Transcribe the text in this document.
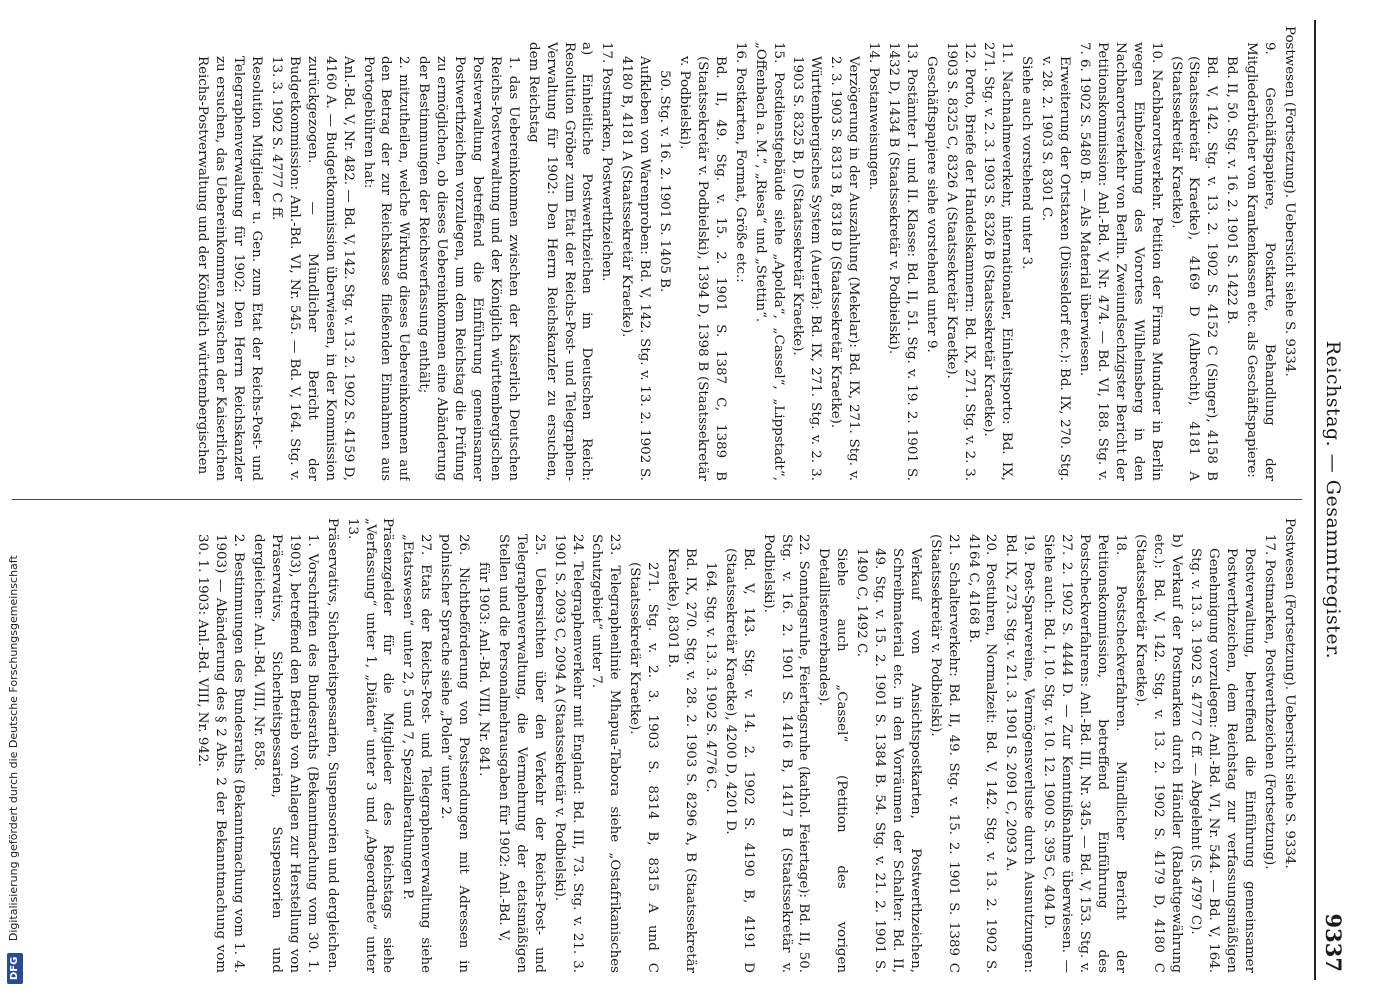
Reichstag. — Gesammtregister.
9337

Postwesen (Fortsetzung). Uebersicht siehe S. 9334.

9. Geschäftspapiere, Postkarte, Behandlung der Mitgliederbücher von Krankenkassen etc. als Geschäftspapiere:

Bd. II, 50. Stg. v. 16. 2. 1901 S. 1422 B.

Bd. V, 142. Stg. v. 13. 2. 1902 S. 4152 C (Singer), 4158 B (Staatssekretär Kraetke), 4169 D (Albrecht), 4181 A (Staatssekretär Kraetke).

10. Nachbarortsverkehr. Petition der Firma Mundner in Berlin wegen Einbeziehung des Vorortes Wilhelmsberg in den Nachbarortsverkehr von Berlin. Zweiundsechzigster Bericht der Petitionskommission: Anl.-Bd. V, Nr. 474. — Bd. VI, 188. Stg. v. 7. 6. 1902 S. 5480 B. — Als Material überwiesen.

Erweiterung der Ortstaxen (Düsseldorf etc.): Bd. IX, 270. Stg. v. 28. 2. 1903 S. 8301 C.

Siehe auch vorstehend unter 3.

11. Nachnahmeverkehr, internationaler, Einheitsporto: Bd. IX, 271. Stg. v. 2. 3. 1903 S. 8326 B (Staatssekretär Kraetke).

12. Porto, Briefe der Handelskammern: Bd. IX, 271. Stg. v. 2. 3. 1903 S. 8325 C, 8326 A (Staatssekretär Kraetke).

Geschäftspapiere siehe vorstehend unter 9.

13. Postämter I. und II. Klasse: Bd. II, 51. Stg. v. 19. 2. 1901 S. 1432 D, 1434 B (Staatssekretär v. Podbielski).

14. Postanweisungen.

Verzögerung in der Auszahlung (Mekelar): Bd. IX, 271. Stg. v. 2. 3. 1903 S. 8313 B, 8318 D (Staatssekretär Kraetke).

Württembergisches System (Auerfa): Bd. IX, 271. Stg. v. 2. 3. 1903 S. 8325 B, D (Staatssekretär Kraetke).

15. Postdienstgebäude siehe „Apolda“, „Cassel“, „Lippstadt“, „Offenbach a. M.“, „Riesa“ und „Stettin“.

16. Postkarten, Format, Größe etc.:

Bd. II, 49. Stg. v. 15. 2. 1901 S. 1387 C, 1389 B (Staatssekretär v. Podbielski), 1394 D, 1398 B (Staatssekretär v. Podbielski).

50. Stg. v. 16. 2. 1901 S. 1405 B.

Aufkleben von Warenproben: Bd. V, 142. Stg. v. 13. 2. 1902 S. 4180 B, 4181 A (Staatssekretär Kraetke).

17. Postmarken, Postwerthzeichen.

a) Einheitliche Postwerthzeichen im Deutschen Reich: Resolution Gröber zum Etat der Reichs-Post- und Telegraphen-Verwaltung für 1902: Den Herrn Reichskanzler zu ersuchen, dem Reichstag

1. das Uebereinkommen zwischen der Kaiserlich Deutschen Reichs-Postverwaltung und der Königlich württembergischen Postverwaltung betreffend die Einführung gemeinsamer Postwerthzeichen vorzulegen, um dem Reichstag die Prüfung zu ermöglichen, ob dieses Uebereinkommen eine Abänderung der Bestimmungen der Reichsverfassung enthält;

2. mitzutheilen, welche Wirkung dieses Uebereinkommen auf den Betrag der zur Reichskasse fließenden Einnahmen aus Portogebühren hat:

Anl.-Bd. V, Nr. 482. — Bd. V, 142. Stg. v. 13. 2. 1902 S. 4159 D, 4160 A. — Budgetkommission überwiesen, in der Kommission zurückgezogen. — Mündlicher Bericht der Budgetkommission: Anl.-Bd. VI, Nr. 545. — Bd. V, 164. Stg. v. 13. 3. 1902 S. 4777 C ff.

Resolution Mitglieder u. Gen. zum Etat der Reichs-Post- und Telegraphenverwaltung für 1902: Den Herrn Reichskanzler zu ersuchen, das Uebereinkommen zwischen der Kaiserlichen Reichs-Postverwaltung und der Königlich württembergischen

Postwesen (Fortsetzung). Uebersicht siehe S. 9334.

17. Postmarken, Postwerthzeichen (Fortsetzung).

Postverwaltung, betreffend die Einführung gemeinsamer Postwerthzeichen, dem Reichstag zur verfassungsmäßigen Genehmigung vorzulegen: Anl.-Bd. VI, Nr. 544. — Bd. V, 164. Stg. v. 13. 3. 1902 S. 4777 C ff. — Abgelehnt (S. 4797 C).

b) Verkauf der Postmarken durch Händler (Rabattgewährung etc.): Bd. V, 142. Stg. v. 13. 2. 1902 S. 4179 D, 4180 C (Staatssekretär Kraetke).

18. Postscheckverfahren. Mündlicher Bericht der Petitionskommission, betreffend Einführung des Postscheckverfahrens: Anl.-Bd. III, Nr. 345. — Bd. V, 153. Stg. v. 27. 2. 1902 S. 4444 D. — Zur Kenntnißnahme überwiesen. — Siehe auch: Bd. I, 10. Stg. v. 10. 12. 1900 S. 395 C, 404 D.

19. Post-Sparvereine, Vermögensverluste durch Ausnutzungen: Bd. IX, 273. Stg. v. 21. 3. 1901 S. 2091 C, 2093 A.

20. Postuhren, Normalzeit: Bd. V, 142. Stg. v. 13. 2. 1902 S. 4164 C, 4168 B.

21. Schalterverkehr: Bd. II, 49. Stg. v. 15. 2. 1901 S. 1389 C (Staatssekretär v. Podbielski).

Verkauf von Ansichtspostkarten, Postwerthzeichen, Schreibmaterial etc. in den Vorräumen der Schalter: Bd. II, 49. Stg. v. 15. 2. 1901 S. 1384 B. 54. Stg. v. 21. 2. 1901 S. 1490 C, 1492 C.

Siehe auch „Cassel“ (Petition des vorigen Detaillistenverbandes).

22. Sonntagsruhe, Feiertagsruhe (kathol. Feiertage): Bd. II, 50. Stg. v. 16. 2. 1901 S. 1416 B, 1417 B (Staatssekretär v. Podbielski).

Bd. V, 143. Stg. v. 14. 2. 1902 S. 4190 B, 4191 D (Staatssekretär Kraetke), 4200 D, 4201 D.

164. Stg. v. 13. 3. 1902 S. 4776 C.

Bd. IX, 270. Stg. v. 28. 2. 1903 S. 8296 A, B (Staatssekretär Kraetke), 8301 B.

271. Stg. v. 2. 3. 1903 S. 8314 B, 8315 A und C (Staatssekretär Kraetke).

23. Telegraphenlinie Mhapua-Tabora siehe „Ostafrikanisches Schutzgebiet“ unter 7.

24. Telegraphenverkehr mit England: Bd. III, 73. Stg. v. 21. 3. 1901 S. 2093 C, 2094 A (Staatssekretär v. Podbielski).

25. Uebersichten über den Verkehr der Reichs-Post- und Telegraphenverwaltung, die Vermehrung der etatsmäßigen Stellen und die Personalmehrausgaben für 1902: Anl.-Bd. V,

für 1903: Anl.-Bd. VIII, Nr. 841.

26. Nichtbeförderung von Postsendungen mit Adressen in polnischer Sprache siehe „Polen“ unter 2.

27. Etats der Reichs-Post- und Telegraphenverwaltung siehe „Etatswesen“ unter 2, 5 und 7, Spezialberathungen P.

Präsenzgelder für die Mitglieder des Reichstags siehe „Verfassung“ unter 1, „Diäten“ unter 3 und „Abgeordnete“ unter 13.

Präservativs, Sicherheitspessarien, Suspensorien und dergleichen.

1. Vorschriften des Bundesraths (Bekanntmachung vom 30. 1. 1903), betreffend den Betrieb von Anlagen zur Herstellung von Präservativs, Sicherheitspessarien, Suspensorien und dergleichen: Anl.-Bd. VIII, Nr. 858.

2. Bestimmungen des Bundesraths (Bekanntmachung vom 1. 4. 1903) — Abänderung des § 2 Abs. 2 der Bekanntmachung vom 30. 1. 1903: Anl.-Bd. VIII, Nr. 942.

DFG Digitalisierung gefördert durch die Deutsche Forschungsgemeinschaft
